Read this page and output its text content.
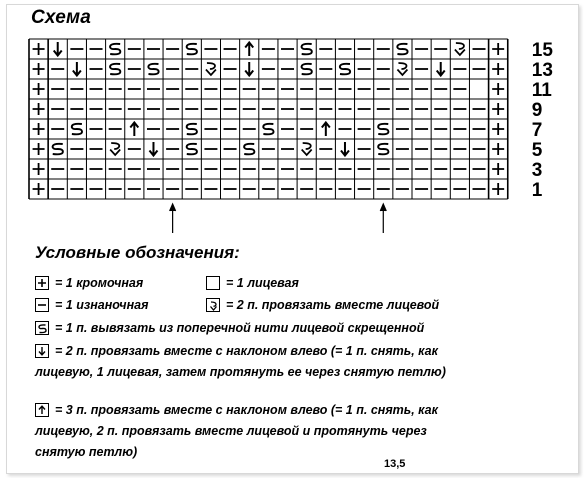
Схема
15
13
11
9
7
5
3
1
Условные обозначения:
= 1 кромочная	= 1 лицевая
= 1 изнаночная	= 2 п. провязать вместе лицевой
= 1 п. вывязать из поперечной нити лицевой скрещенной
= 2 п. провязать вместе с наклоном влево (= 1 п. снять, как
лицевую, 1 лицевая, затем протянуть ее через снятую петлю)
= 3 п. провязать вместе с наклоном влево (= 1 п. снять, как
лицевую, 2 п. провязать вместе лицевой и протянуть через
снятую петлю)
13,5
